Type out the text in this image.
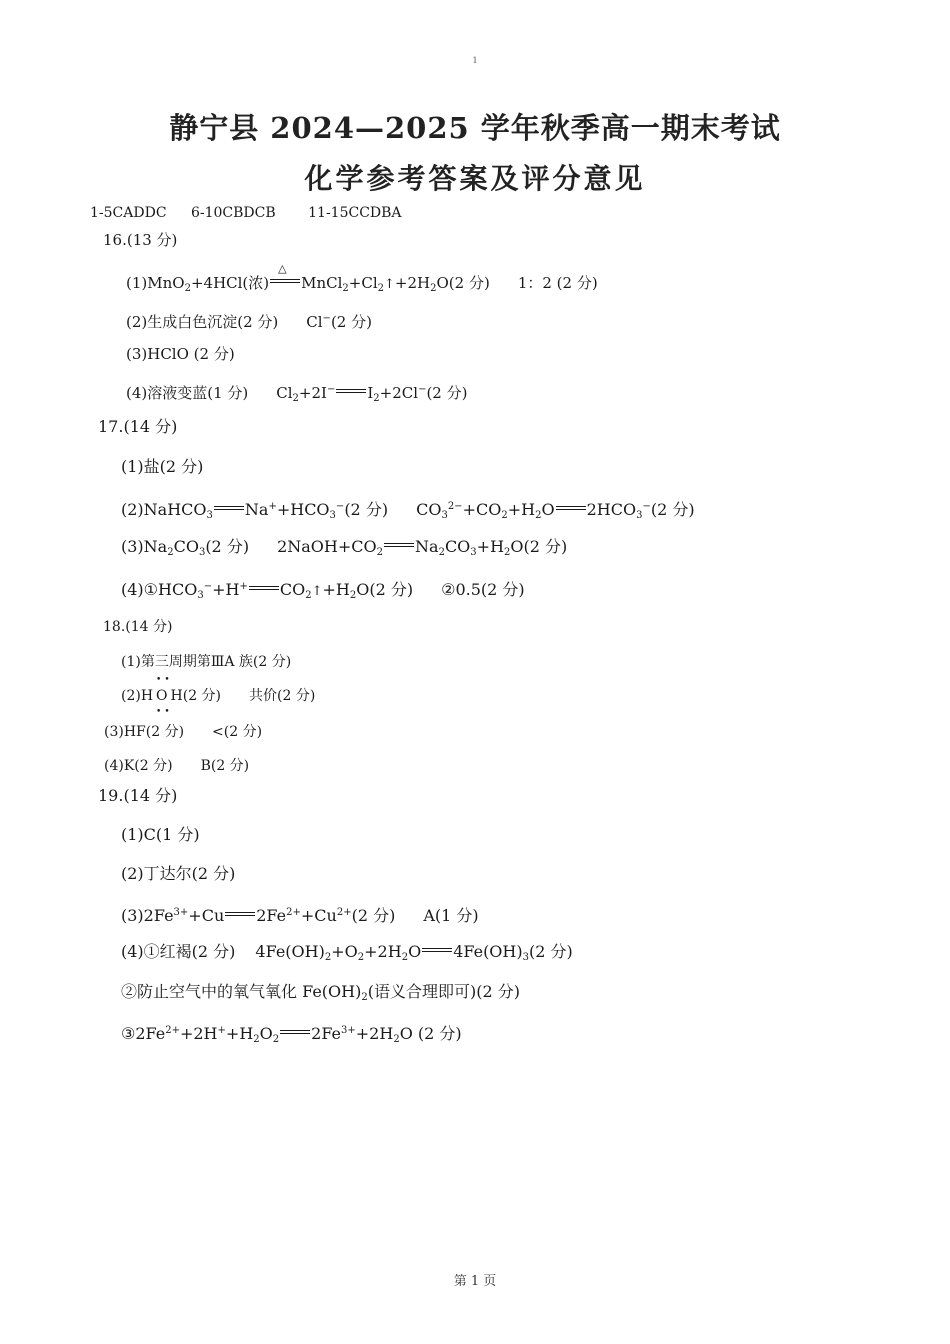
1
静宁县 2024—2025 学年秋季高一期末考试
化学参考答案及评分意见
1-5CADDC 6-10CBDCB 11-15CCDBA
16.(13 分)
(1)MnO$_2$+4HCl(浓)
△
$MnCl_2+Cl_2↑+2H_2O(2$ 分) 1：2 (2 分)
(2)生成白色沉淀(2 分) Cl−(2 分)
(3)HClO (2 分)
(4)溶液变蓝(1 分) $Cl_2+2I^-$ $I_2+2Cl^-(2$ 分)
17.(14 分)
(1)盐(2 分)
(2)NaHCO$_3$ $Na^++HCO_3^-(2$ 分) $CO_3^{2-}+CO_2+H_2O$ $2HCO_3^-(2$ 分)
$(3)Na_2CO_3(2$ 分) $2NaOH+CO_2$ $Na_2CO_3+H_2O(2$ 分)
$(4)①HCO_3^-+H^+$ $CO_2↑+H_2O(2$ 分) ②0.5(2 分)
18.(14 分)
(1)第三周期第ⅢA 族(2 分)
(2)H•• O •• H(2 分) 共价(2 分)
(3)HF(2 分) <(2 分)
(4)K(2 分) B(2 分)
19.(14 分)
(1)C(1 分)
(2)丁达尔(2 分)
$(3)2Fe^{3+}+Cu$ $2Fe^{2+}+Cu^{2+}(2$ 分) A(1 分)
(4)①红褐(2 分) $4Fe(OH)_2+O_2+2H_2O$ $4Fe(OH)_3(2$ 分)
②防止空气中的氧气氧化 $Fe(OH)_2$(语义合理即可)(2 分)
$③2Fe^{2+}+2H^++H_2O_2$ $2Fe^{3+}+2H_2O$ (2 分)
第 1 页
